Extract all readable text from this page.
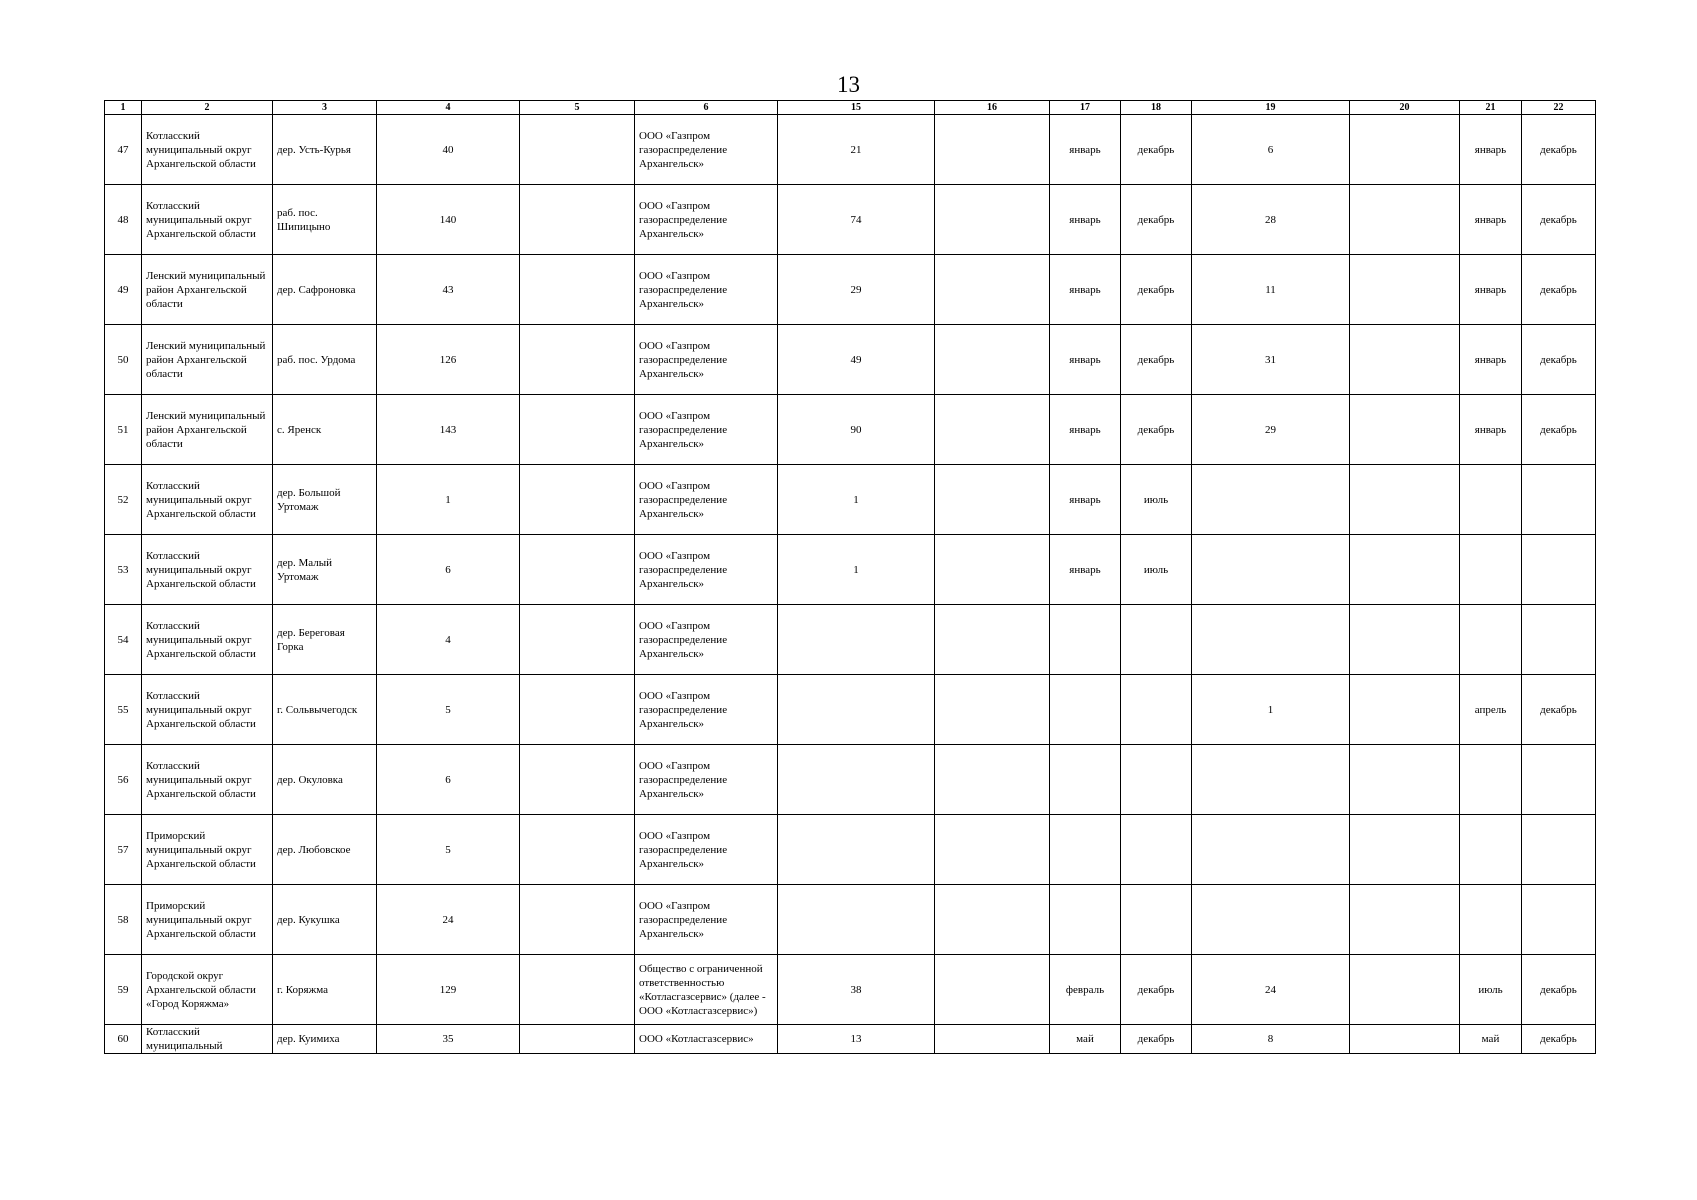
13
1	2	3	4	5	6	15	16	17	18	19	20	21	22
47	Котласский муниципальный округ Архангельской области	дер. Усть-Курья	40		ООО «Газпром газораспределение Архангельск»	21		январь	декабрь	6		январь	декабрь
48	Котласский муниципальный округ Архангельской области	раб. пос. Шипицыно	140		ООО «Газпром газораспределение Архангельск»	74		январь	декабрь	28		январь	декабрь
49	Ленский муниципальный район Архангельской области	дер. Сафроновка	43		ООО «Газпром газораспределение Архангельск»	29		январь	декабрь	11		январь	декабрь
50	Ленский муниципальный район Архангельской области	раб. пос. Урдома	126		ООО «Газпром газораспределение Архангельск»	49		январь	декабрь	31		январь	декабрь
51	Ленский муниципальный район Архангельской области	с. Яренск	143		ООО «Газпром газораспределение Архангельск»	90		январь	декабрь	29		январь	декабрь
52	Котласский муниципальный округ Архангельской области	дер. Большой Уртомаж	1		ООО «Газпром газораспределение Архангельск»	1		январь	июль				
53	Котласский муниципальный округ Архангельской области	дер. Малый Уртомаж	6		ООО «Газпром газораспределение Архангельск»	1		январь	июль				
54	Котласский муниципальный округ Архангельской области	дер. Береговая Горка	4		ООО «Газпром газораспределение Архангельск»								
55	Котласский муниципальный округ Архангельской области	г. Сольвычегодск	5		ООО «Газпром газораспределение Архангельск»					1		апрель	декабрь
56	Котласский муниципальный округ Архангельской области	дер. Окуловка	6		ООО «Газпром газораспределение Архангельск»								
57	Приморский муниципальный округ Архангельской области	дер. Любовское	5		ООО «Газпром газораспределение Архангельск»								
58	Приморский муниципальный округ Архангельской области	дер. Кукушка	24		ООО «Газпром газораспределение Архангельск»								
59	Городской округ Архангельской области «Город Коряжма»	г. Коряжма	129		Общество с ограниченной ответственностью «Котласгазсервис» (далее - ООО «Котласгазсервис»)	38		февраль	декабрь	24		июль	декабрь
60	Котласский муниципальный	дер. Куимиха	35		ООО «Котласгазсервис»	13		май	декабрь	8		май	декабрь
